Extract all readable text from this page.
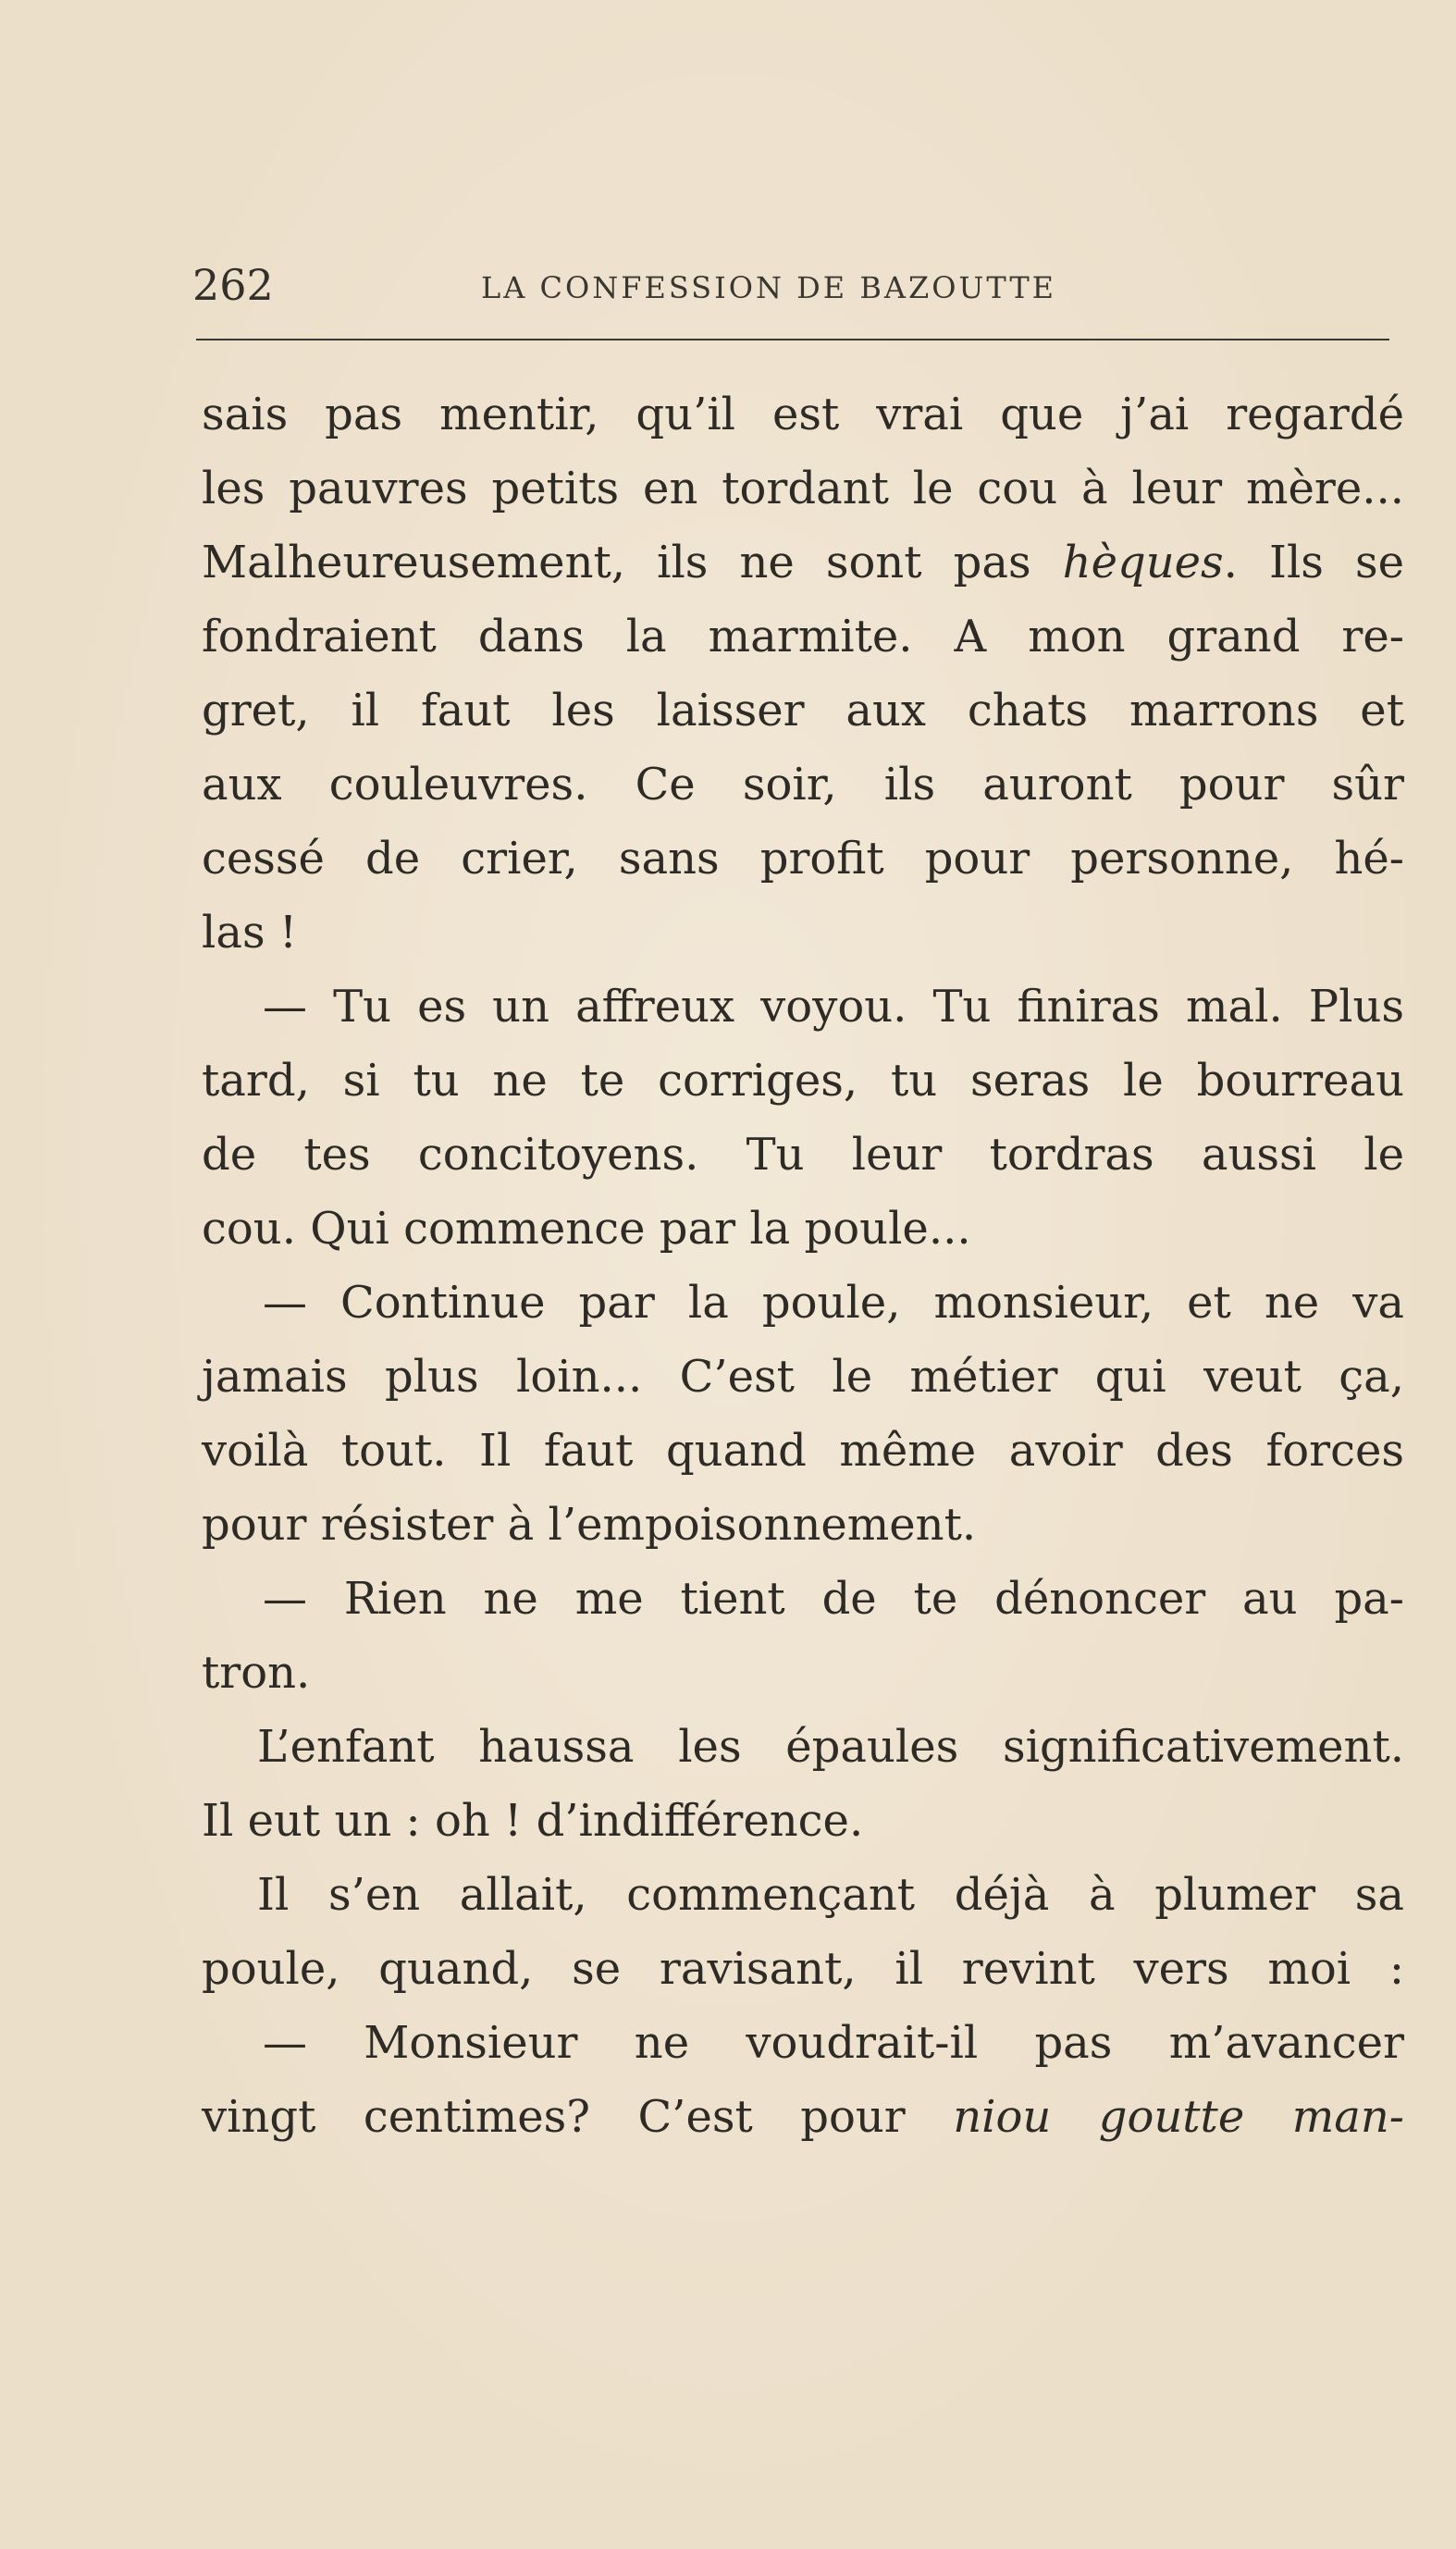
262	LA CONFESSION DE BAZOUTTE
sais pas mentir, qu’il est vrai que j’ai regardé
les pauvres petits en tordant le cou à leur mère...
Malheureusement, ils ne sont pas hèques. Ils se
fondraient dans la marmite. A mon grand re-
gret, il faut les laisser aux chats marrons et
aux couleuvres. Ce soir, ils auront pour sûr
cessé de crier, sans profit pour personne, hé-
las !
— Tu es un affreux voyou. Tu finiras mal. Plus
tard, si tu ne te corriges, tu seras le bourreau
de tes concitoyens. Tu leur tordras aussi le
cou. Qui commence par la poule...
— Continue par la poule, monsieur, et ne va
jamais plus loin... C’est le métier qui veut ça,
voilà tout. Il faut quand même avoir des forces
pour résister à l’empoisonnement.
— Rien ne me tient de te dénoncer au pa-
tron.
L’enfant haussa les épaules significativement.
Il eut un : oh ! d’indifférence.
Il s’en allait, commençant déjà à plumer sa
poule, quand, se ravisant, il revint vers moi :
— Monsieur ne voudrait-il pas m’avancer
vingt centimes? C’est pour niou goutte man-
